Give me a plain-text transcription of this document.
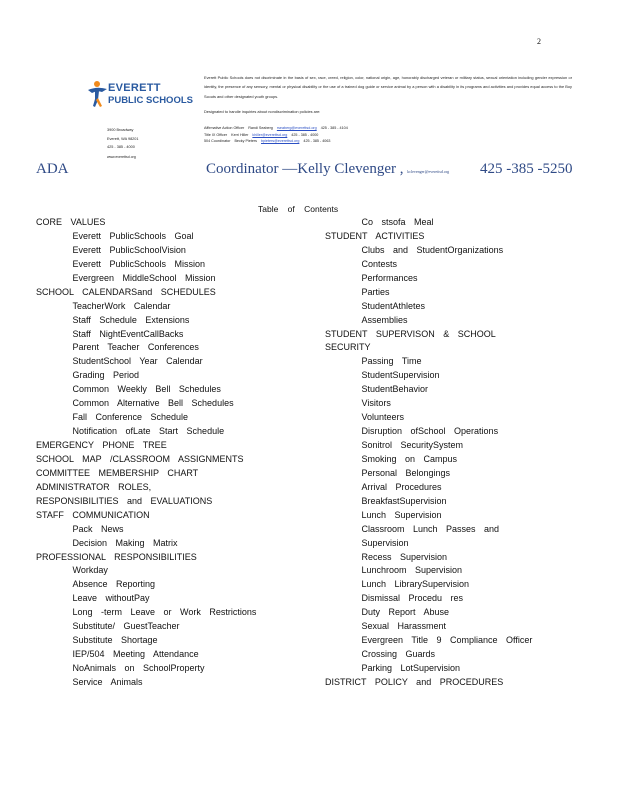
2
EVERETT
PUBLIC SCHOOLS
3900 Broadway
Everett, WA 98201
425 - 385 - 4000
www.everettsd.org
Everett Public Schools does not discriminate in the basis of sex, race, creed, religion, color, national origin, age, honorably discharged veteran or military status, sexual orientation including gender expression or identity, the presence of any sensory, mental or physical disability or the use of a trained dog guide or service animal by a person with a disability in its programs and activities and provides equal access to the Boy Scouts and other designated youth groups.
Designated to handle inquiries about nondiscrimination policies are:
Affirmative Action Officer Randi Seaberg rseaberg@everettsd.org 425 - 385 - 4104
Title IX Officer Kerri Hiller khiller@everettsd.org 425 - 385 - 4000
504 Coordinator Becky Pieters bpieters@everettsd.org 425 - 385 - 4063
ADA	Coordinator —Kelly Clevenger , kclevenger@everettsd.org 425 -385 -5250
Table of Contents
CORE VALUES
Everett PublicSchools Goal
Everett PublicSchoolVision
Everett PublicSchools Mission
Evergreen MiddleSchool Mission
SCHOOL CALENDARSand SCHEDULES
TeacherWork Calendar
Staff Schedule Extensions
Staff NightEventCallBacks
Parent Teacher Conferences
StudentSchool Year Calendar
Grading Period
Common Weekly Bell Schedules
Common Alternative Bell Schedules
Fall Conference Schedule
Notification ofLate Start Schedule
EMERGENCY PHONE TREE
SCHOOL MAP /CLASSROOM ASSIGNMENTS
COMMITTEE MEMBERSHIP CHART
ADMINISTRATOR ROLES,
RESPONSIBILITIES and EVALUATIONS
STAFF COMMUNICATION
Pack News
Decision Making Matrix
PROFESSIONAL RESPONSIBILITIES
Workday
Absence Reporting
Leave withoutPay
Long -term Leave or Work Restrictions
Substitute/ GuestTeacher
Substitute Shortage
IEP/504 Meeting Attendance
NoAnimals on SchoolProperty
Service Animals
Co stsofa Meal
STUDENT ACTIVITIES
Clubs and StudentOrganizations
Contests
Performances
Parties
StudentAthletes
Assemblies
STUDENT SUPERVISON & SCHOOL
SECURITY
Passing Time
StudentSupervision
StudentBehavior
Visitors
Volunteers
Disruption ofSchool Operations
Sonitrol SecuritySystem
Smoking on Campus
Personal Belongings
Arrival Procedures
BreakfastSupervision
Lunch Supervision
Classroom Lunch Passes and
Supervision
Recess Supervision
Lunchroom Supervision
Lunch LibrarySupervision
Dismissal Procedu res
Duty Report Abuse
Sexual Harassment
Evergreen Title 9 Compliance Officer
Crossing Guards
Parking LotSupervision
DISTRICT POLICY and PROCEDURES
